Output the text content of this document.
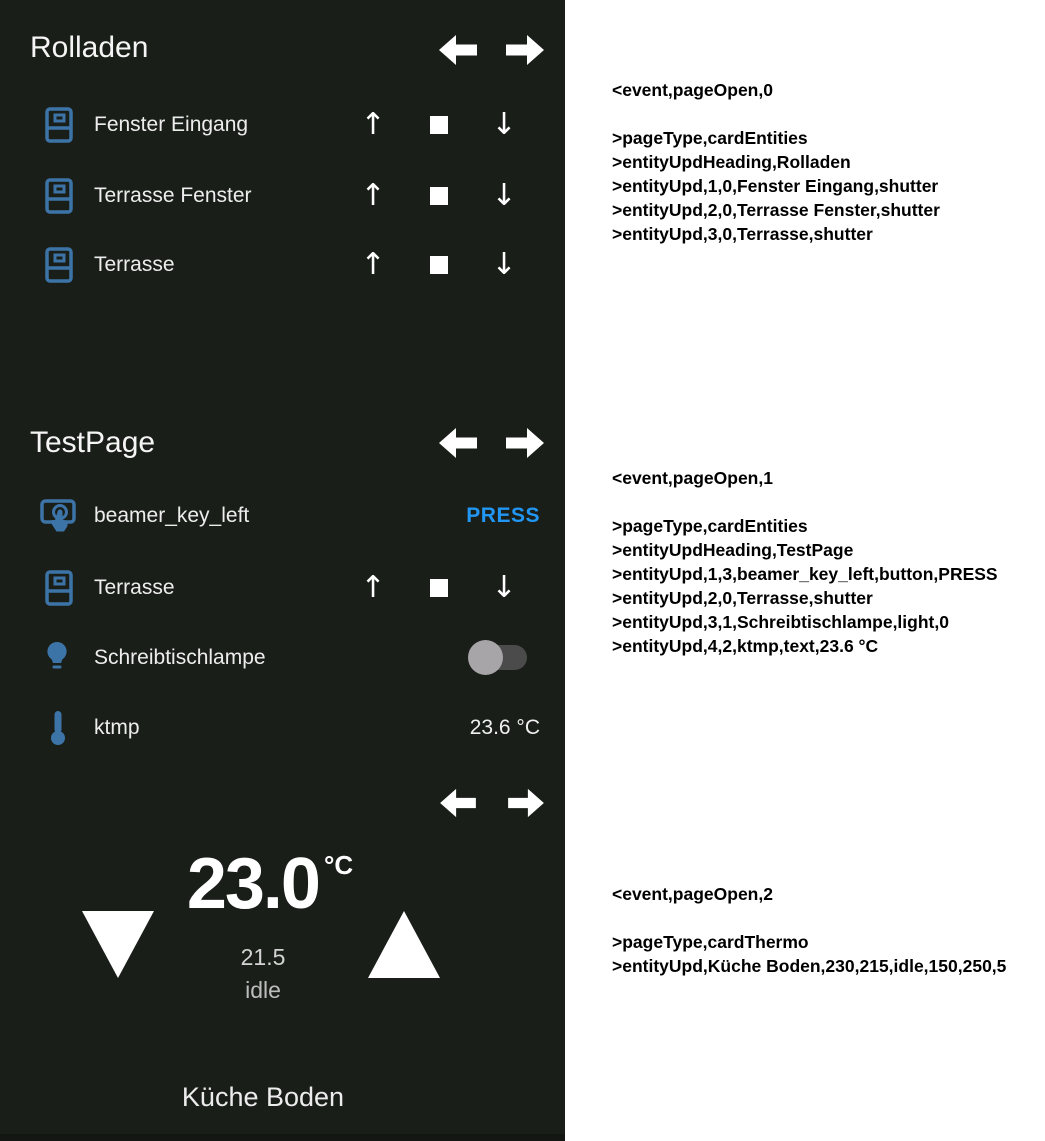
Rolladen
Fenster Eingang	↑	↓
Terrasse Fenster	↑	↓
Terrasse	↑	↓
TestPage
beamer_key_left	PRESS
Terrasse	↑	↓
Schreibtischlampe
ktmp	23.6 °C
23.0 °C
21.5
idle
Küche Boden
<event,pageOpen,0
>pageType,cardEntities
>entityUpdHeading,Rolladen
>entityUpd,1,0,Fenster Eingang,shutter
>entityUpd,2,0,Terrasse Fenster,shutter
>entityUpd,3,0,Terrasse,shutter
<event,pageOpen,1
>pageType,cardEntities
>entityUpdHeading,TestPage
>entityUpd,1,3,beamer_key_left,button,PRESS
>entityUpd,2,0,Terrasse,shutter
>entityUpd,3,1,Schreibtischlampe,light,0
>entityUpd,4,2,ktmp,text,23.6 °C
<event,pageOpen,2
>pageType,cardThermo
>entityUpd,Küche Boden,230,215,idle,150,250,5
